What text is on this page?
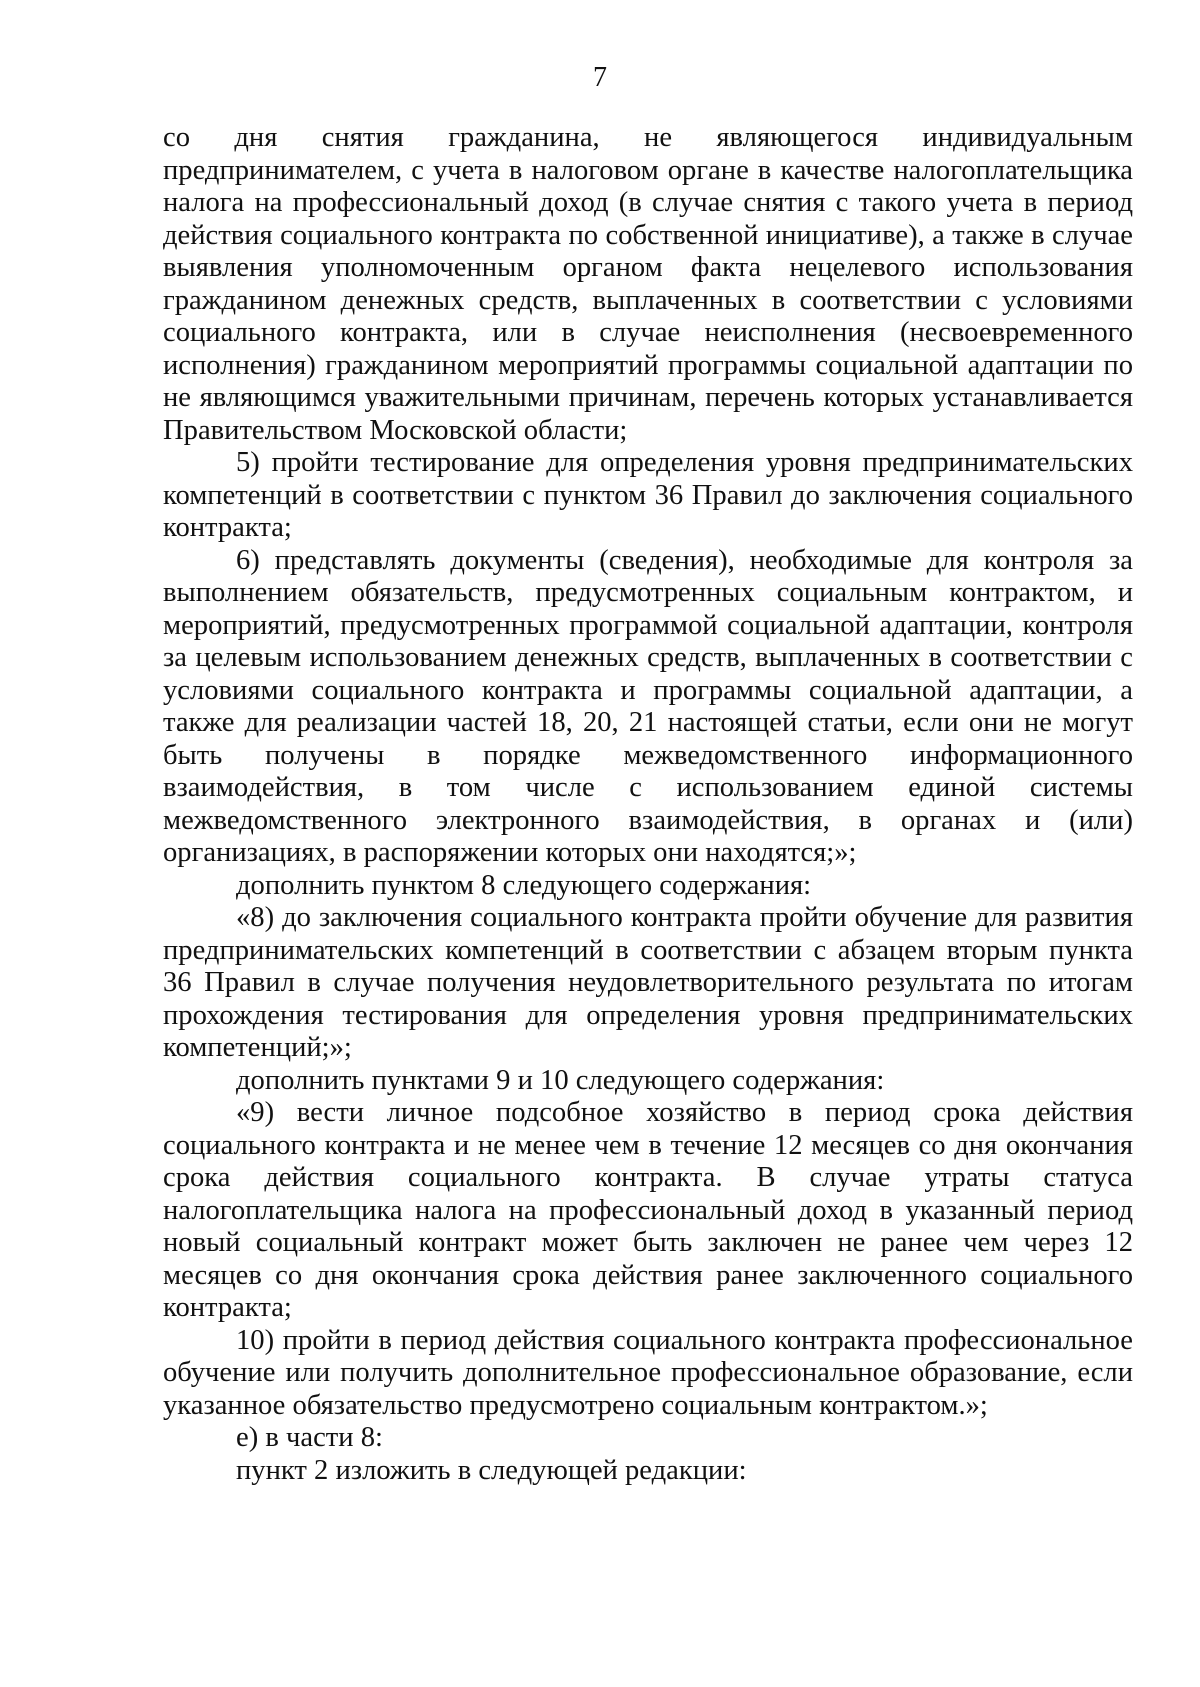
7

со дня снятия гражданина, не являющегося индивидуальным предпринимателем, с учета в налоговом органе в качестве налогоплательщика налога на профессиональный доход (в случае снятия с такого учета в период действия социального контракта по собственной инициативе), а также в случае выявления уполномоченным органом факта нецелевого использования гражданином денежных средств, выплаченных в соответствии с условиями социального контракта, или в случае неисполнения (несвоевременного исполнения) гражданином мероприятий программы социальной адаптации по не являющимся уважительными причинам, перечень которых устанавливается Правительством Московской области;

5) пройти тестирование для определения уровня предпринимательских компетенций в соответствии с пунктом 36 Правил до заключения социального контракта;

6) представлять документы (сведения), необходимые для контроля за выполнением обязательств, предусмотренных социальным контрактом, и мероприятий, предусмотренных программой социальной адаптации, контроля за целевым использованием денежных средств, выплаченных в соответствии с условиями социального контракта и программы социальной адаптации, а также для реализации частей 18, 20, 21 настоящей статьи, если они не могут быть получены в порядке межведомственного информационного взаимодействия, в том числе с использованием единой системы межведомственного электронного взаимодействия, в органах и (или) организациях, в распоряжении которых они находятся;»;

дополнить пунктом 8 следующего содержания:

«8) до заключения социального контракта пройти обучение для развития предпринимательских компетенций в соответствии с абзацем вторым пункта 36 Правил в случае получения неудовлетворительного результата по итогам прохождения тестирования для определения уровня предпринимательских компетенций;»;

дополнить пунктами 9 и 10 следующего содержания:

«9) вести личное подсобное хозяйство в период срока действия социального контракта и не менее чем в течение 12 месяцев со дня окончания срока действия социального контракта. В случае утраты статуса налогоплательщика налога на профессиональный доход в указанный период новый социальный контракт может быть заключен не ранее чем через 12 месяцев со дня окончания срока действия ранее заключенного социального контракта;

10) пройти в период действия социального контракта профессиональное обучение или получить дополнительное профессиональное образование, если указанное обязательство предусмотрено социальным контрактом.»;

е) в части 8:

пункт 2 изложить в следующей редакции:
